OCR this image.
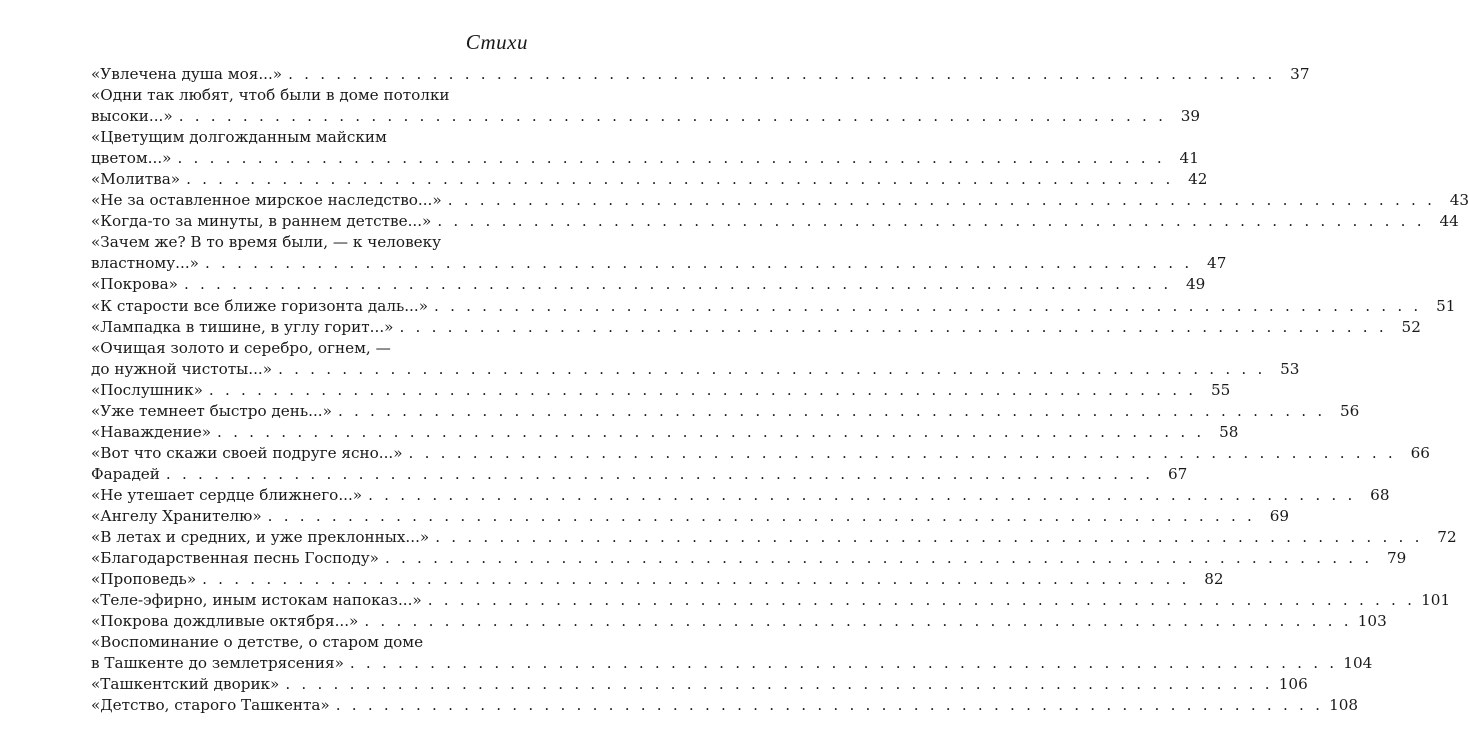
Стихи
«Увлечена душа моя...» . . . . . . . . . . . . . . . . . . . . . . . . . . . . . . . . . . . . . . . . . . . . . . . . . . . . . . . . . . . . . . 37
«Одни так любят, чтоб были в доме потолки
высоки...» . . . . . . . . . . . . . . . . . . . . . . . . . . . . . . . . . . . . . . . . . . . . . . . . . . . . . . . . . . . . . . 39
«Цветущим долгожданным майским
цветом...» . . . . . . . . . . . . . . . . . . . . . . . . . . . . . . . . . . . . . . . . . . . . . . . . . . . . . . . . . . . . . . 41
«Молитва» . . . . . . . . . . . . . . . . . . . . . . . . . . . . . . . . . . . . . . . . . . . . . . . . . . . . . . . . . . . . . . 42
«Не за оставленное мирское наследство...» . . . . . . . . . . . . . . . . . . . . . . . . . . . . . . . . . . . . . . . . . . . . . . . . . . . . . . . . . . . . . . 43
«Когда-то за минуты, в раннем детстве...» . . . . . . . . . . . . . . . . . . . . . . . . . . . . . . . . . . . . . . . . . . . . . . . . . . . . . . . . . . . . . . 44
«Зачем же? В то время были, — к человеку
властному...» . . . . . . . . . . . . . . . . . . . . . . . . . . . . . . . . . . . . . . . . . . . . . . . . . . . . . . . . . . . . . . 47
«Покрова» . . . . . . . . . . . . . . . . . . . . . . . . . . . . . . . . . . . . . . . . . . . . . . . . . . . . . . . . . . . . . . 49
«К старости все ближе горизонта даль...» . . . . . . . . . . . . . . . . . . . . . . . . . . . . . . . . . . . . . . . . . . . . . . . . . . . . . . . . . . . . . . 51
«Лампадка в тишине, в углу горит...» . . . . . . . . . . . . . . . . . . . . . . . . . . . . . . . . . . . . . . . . . . . . . . . . . . . . . . . . . . . . . . 52
«Очищая золото и серебро, огнем, —
до нужной чистоты...» . . . . . . . . . . . . . . . . . . . . . . . . . . . . . . . . . . . . . . . . . . . . . . . . . . . . . . . . . . . . . . 53
«Послушник» . . . . . . . . . . . . . . . . . . . . . . . . . . . . . . . . . . . . . . . . . . . . . . . . . . . . . . . . . . . . . . 55
«Уже темнеет быстро день...» . . . . . . . . . . . . . . . . . . . . . . . . . . . . . . . . . . . . . . . . . . . . . . . . . . . . . . . . . . . . . . 56
«Наваждение» . . . . . . . . . . . . . . . . . . . . . . . . . . . . . . . . . . . . . . . . . . . . . . . . . . . . . . . . . . . . . . 58
«Вот что скажи своей подруге ясно...» . . . . . . . . . . . . . . . . . . . . . . . . . . . . . . . . . . . . . . . . . . . . . . . . . . . . . . . . . . . . . . 66
Фарадей . . . . . . . . . . . . . . . . . . . . . . . . . . . . . . . . . . . . . . . . . . . . . . . . . . . . . . . . . . . . . . 67
«Не утешает сердце ближнего...» . . . . . . . . . . . . . . . . . . . . . . . . . . . . . . . . . . . . . . . . . . . . . . . . . . . . . . . . . . . . . . 68
«Ангелу Хранителю» . . . . . . . . . . . . . . . . . . . . . . . . . . . . . . . . . . . . . . . . . . . . . . . . . . . . . . . . . . . . . . 69
«В летах и средних, и уже преклонных...» . . . . . . . . . . . . . . . . . . . . . . . . . . . . . . . . . . . . . . . . . . . . . . . . . . . . . . . . . . . . . . 72
«Благодарственная песнь Господу» . . . . . . . . . . . . . . . . . . . . . . . . . . . . . . . . . . . . . . . . . . . . . . . . . . . . . . . . . . . . . . 79
«Проповедь» . . . . . . . . . . . . . . . . . . . . . . . . . . . . . . . . . . . . . . . . . . . . . . . . . . . . . . . . . . . . . . 82
«Теле-эфирно, иным истокам напоказ...» . . . . . . . . . . . . . . . . . . . . . . . . . . . . . . . . . . . . . . . . . . . . . . . . . . . . . . . . . . . . . . 101
«Покрова дождливые октября...» . . . . . . . . . . . . . . . . . . . . . . . . . . . . . . . . . . . . . . . . . . . . . . . . . . . . . . . . . . . . . . 103
«Воспоминание о детстве, о старом доме
в Ташкенте до землетрясения» . . . . . . . . . . . . . . . . . . . . . . . . . . . . . . . . . . . . . . . . . . . . . . . . . . . . . . . . . . . . . . 104
«Ташкентский дворик» . . . . . . . . . . . . . . . . . . . . . . . . . . . . . . . . . . . . . . . . . . . . . . . . . . . . . . . . . . . . . . 106
«Детство, старого Ташкента» . . . . . . . . . . . . . . . . . . . . . . . . . . . . . . . . . . . . . . . . . . . . . . . . . . . . . . . . . . . . . . 108
